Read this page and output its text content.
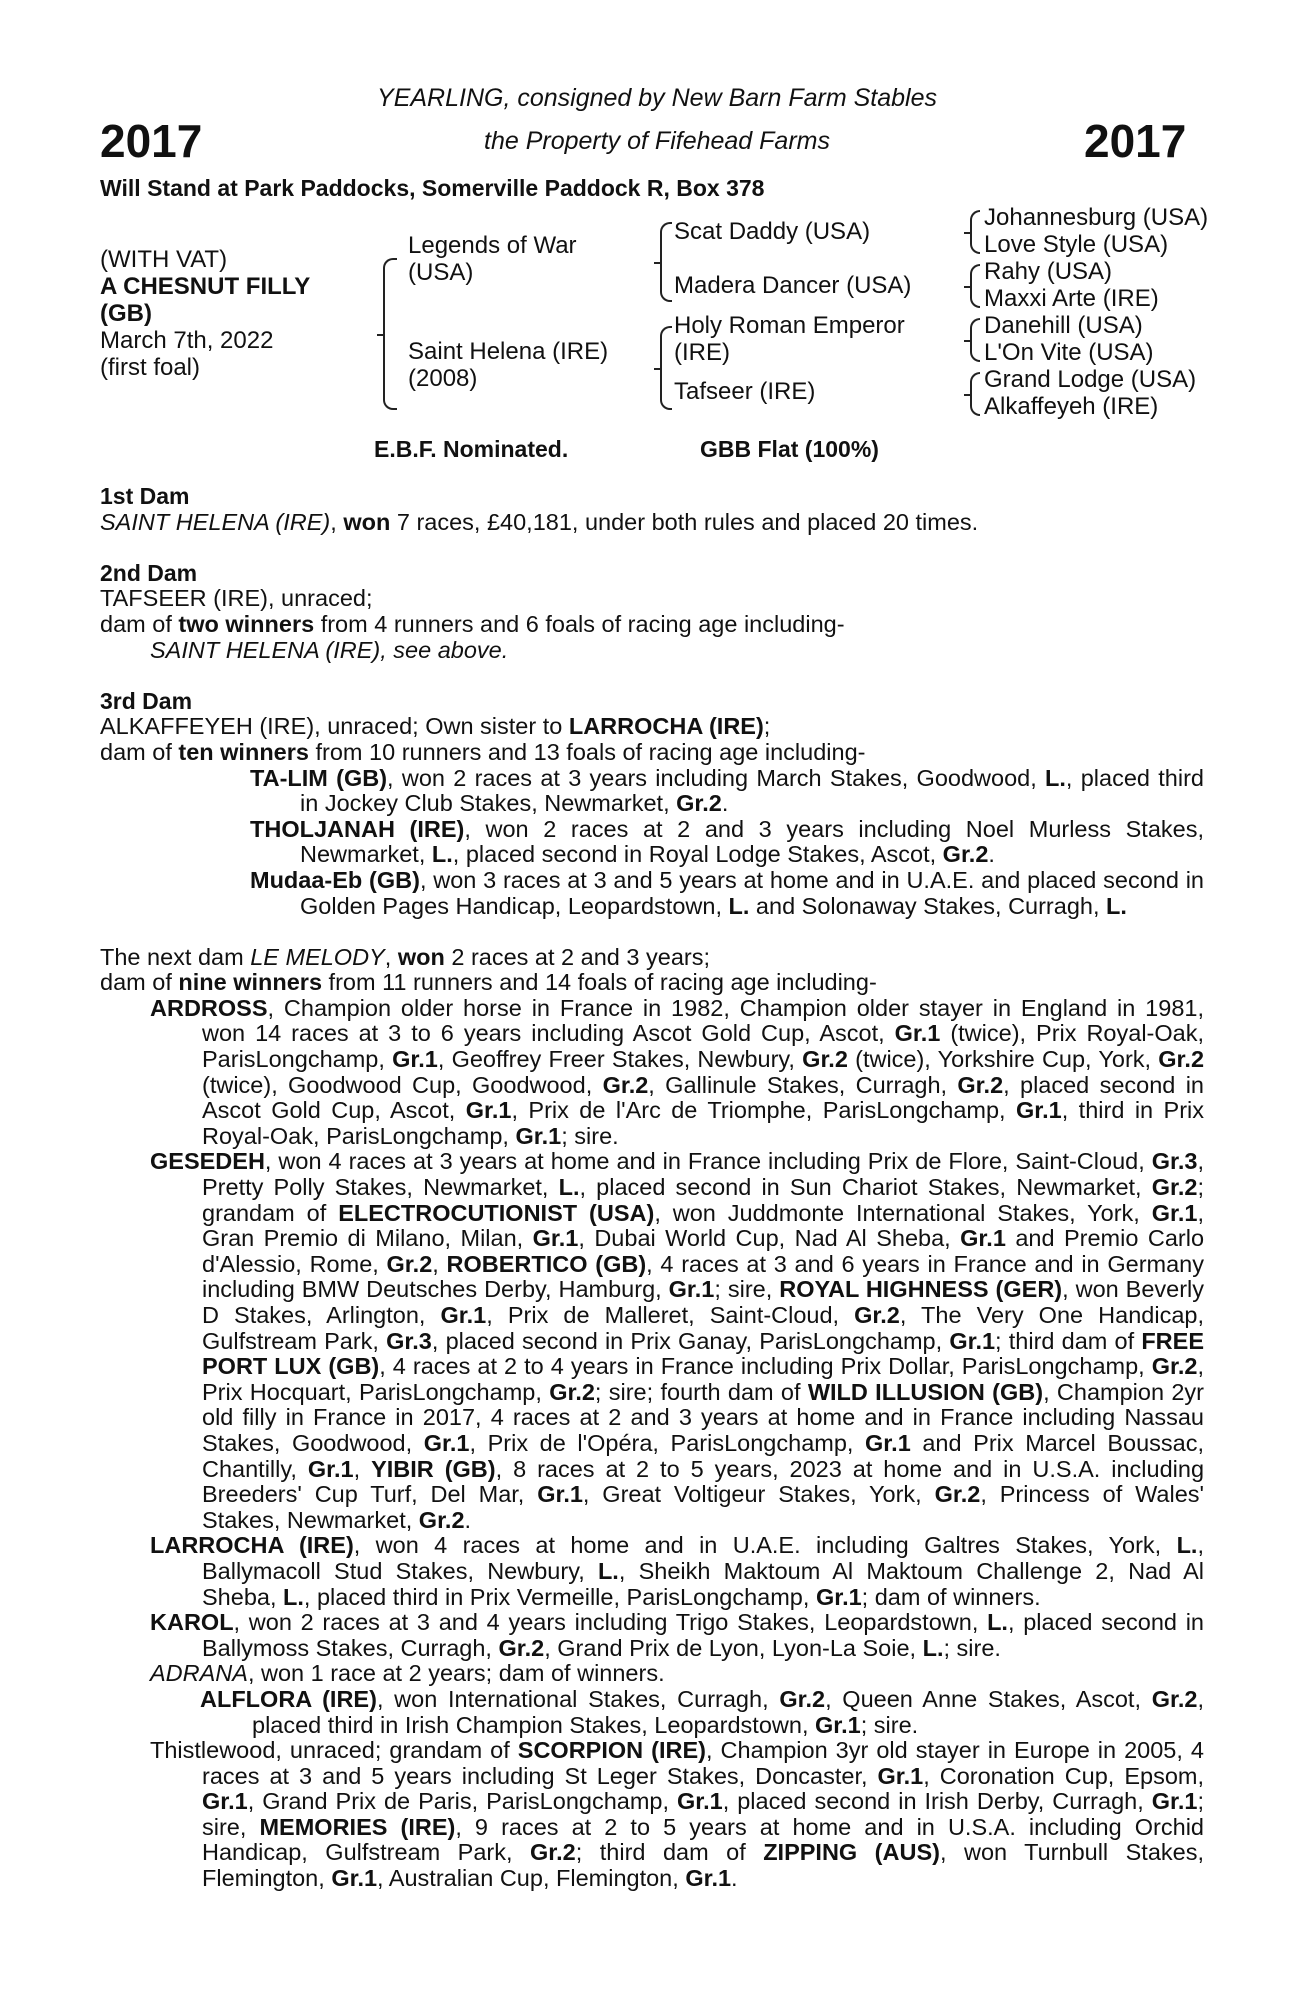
2017	2017
YEARLING, consigned by New Barn Farm Stables
the Property of Fifehead Farms
Will Stand at Park Paddocks, Somerville Paddock R, Box 378
(WITH VAT)
A CHESNUT FILLY
(GB)
March 7th, 2022
(first foal)
Legends of War
(USA)
Saint Helena (IRE)
(2008)
Scat Daddy (USA)
Madera Dancer (USA)
Holy Roman Emperor
(IRE)
Tafseer (IRE)
Johannesburg (USA)
Love Style (USA)
Rahy (USA)
Maxxi Arte (IRE)
Danehill (USA)
L'On Vite (USA)
Grand Lodge (USA)
Alkaffeyeh (IRE)
E.B.F. Nominated.	GBB Flat (100%)

1st Dam

SAINT HELENA (IRE), won 7 races, £40,181, under both rules and placed 20 times.

2nd Dam

TAFSEER (IRE), unraced;

dam of two winners from 4 runners and 6 foals of racing age including-

SAINT HELENA (IRE), see above.

3rd Dam

ALKAFFEYEH (IRE), unraced; Own sister to LARROCHA (IRE);

dam of ten winners from 10 runners and 13 foals of racing age including-

TA-LIM (GB), won 2 races at 3 years including March Stakes, Goodwood, L., placed third in Jockey Club Stakes, Newmarket, Gr.2.

THOLJANAH (IRE), won 2 races at 2 and 3 years including Noel Murless Stakes, Newmarket, L., placed second in Royal Lodge Stakes, Ascot, Gr.2.

Mudaa-Eb (GB), won 3 races at 3 and 5 years at home and in U.A.E. and placed second in Golden Pages Handicap, Leopardstown, L. and Solonaway Stakes, Curragh, L.

The next dam LE MELODY, won 2 races at 2 and 3 years;

dam of nine winners from 11 runners and 14 foals of racing age including-

ARDROSS, Champion older horse in France in 1982, Champion older stayer in England in 1981, won 14 races at 3 to 6 years including Ascot Gold Cup, Ascot, Gr.1 (twice), Prix Royal-Oak, ParisLongchamp, Gr.1, Geoffrey Freer Stakes, Newbury, Gr.2 (twice), Yorkshire Cup, York, Gr.2 (twice), Goodwood Cup, Goodwood, Gr.2, Gallinule Stakes, Curragh, Gr.2, placed second in Ascot Gold Cup, Ascot, Gr.1, Prix de l'Arc de Triomphe, ParisLongchamp, Gr.1, third in Prix Royal-Oak, ParisLongchamp, Gr.1; sire.

GESEDEH, won 4 races at 3 years at home and in France including Prix de Flore, Saint-Cloud, Gr.3, Pretty Polly Stakes, Newmarket, L., placed second in Sun Chariot Stakes, Newmarket, Gr.2; grandam of ELECTROCUTIONIST (USA), won Juddmonte International Stakes, York, Gr.1, Gran Premio di Milano, Milan, Gr.1, Dubai World Cup, Nad Al Sheba, Gr.1 and Premio Carlo d'Alessio, Rome, Gr.2, ROBERTICO (GB), 4 races at 3 and 6 years in France and in Germany including BMW Deutsches Derby, Hamburg, Gr.1; sire, ROYAL HIGHNESS (GER), won Beverly D Stakes, Arlington, Gr.1, Prix de Malleret, Saint-Cloud, Gr.2, The Very One Handicap, Gulfstream Park, Gr.3, placed second in Prix Ganay, ParisLongchamp, Gr.1; third dam of FREE PORT LUX (GB), 4 races at 2 to 4 years in France including Prix Dollar, ParisLongchamp, Gr.2, Prix Hocquart, ParisLongchamp, Gr.2; sire; fourth dam of WILD ILLUSION (GB), Champion 2yr old filly in France in 2017, 4 races at 2 and 3 years at home and in France including Nassau Stakes, Goodwood, Gr.1, Prix de l'Opéra, ParisLongchamp, Gr.1 and Prix Marcel Boussac, Chantilly, Gr.1, YIBIR (GB), 8 races at 2 to 5 years, 2023 at home and in U.S.A. including Breeders' Cup Turf, Del Mar, Gr.1, Great Voltigeur Stakes, York, Gr.2, Princess of Wales' Stakes, Newmarket, Gr.2.

LARROCHA (IRE), won 4 races at home and in U.A.E. including Galtres Stakes, York, L., Ballymacoll Stud Stakes, Newbury, L., Sheikh Maktoum Al Maktoum Challenge 2, Nad Al Sheba, L., placed third in Prix Vermeille, ParisLongchamp, Gr.1; dam of winners.

KAROL, won 2 races at 3 and 4 years including Trigo Stakes, Leopardstown, L., placed second in Ballymoss Stakes, Curragh, Gr.2, Grand Prix de Lyon, Lyon-La Soie, L.; sire.

ADRANA, won 1 race at 2 years; dam of winners.

ALFLORA (IRE), won International Stakes, Curragh, Gr.2, Queen Anne Stakes, Ascot, Gr.2, placed third in Irish Champion Stakes, Leopardstown, Gr.1; sire.

Thistlewood, unraced; grandam of SCORPION (IRE), Champion 3yr old stayer in Europe in 2005, 4 races at 3 and 5 years including St Leger Stakes, Doncaster, Gr.1, Coronation Cup, Epsom, Gr.1, Grand Prix de Paris, ParisLongchamp, Gr.1, placed second in Irish Derby, Curragh, Gr.1; sire, MEMORIES (IRE), 9 races at 2 to 5 years at home and in U.S.A. including Orchid Handicap, Gulfstream Park, Gr.2; third dam of ZIPPING (AUS), won Turnbull Stakes, Flemington, Gr.1, Australian Cup, Flemington, Gr.1.
